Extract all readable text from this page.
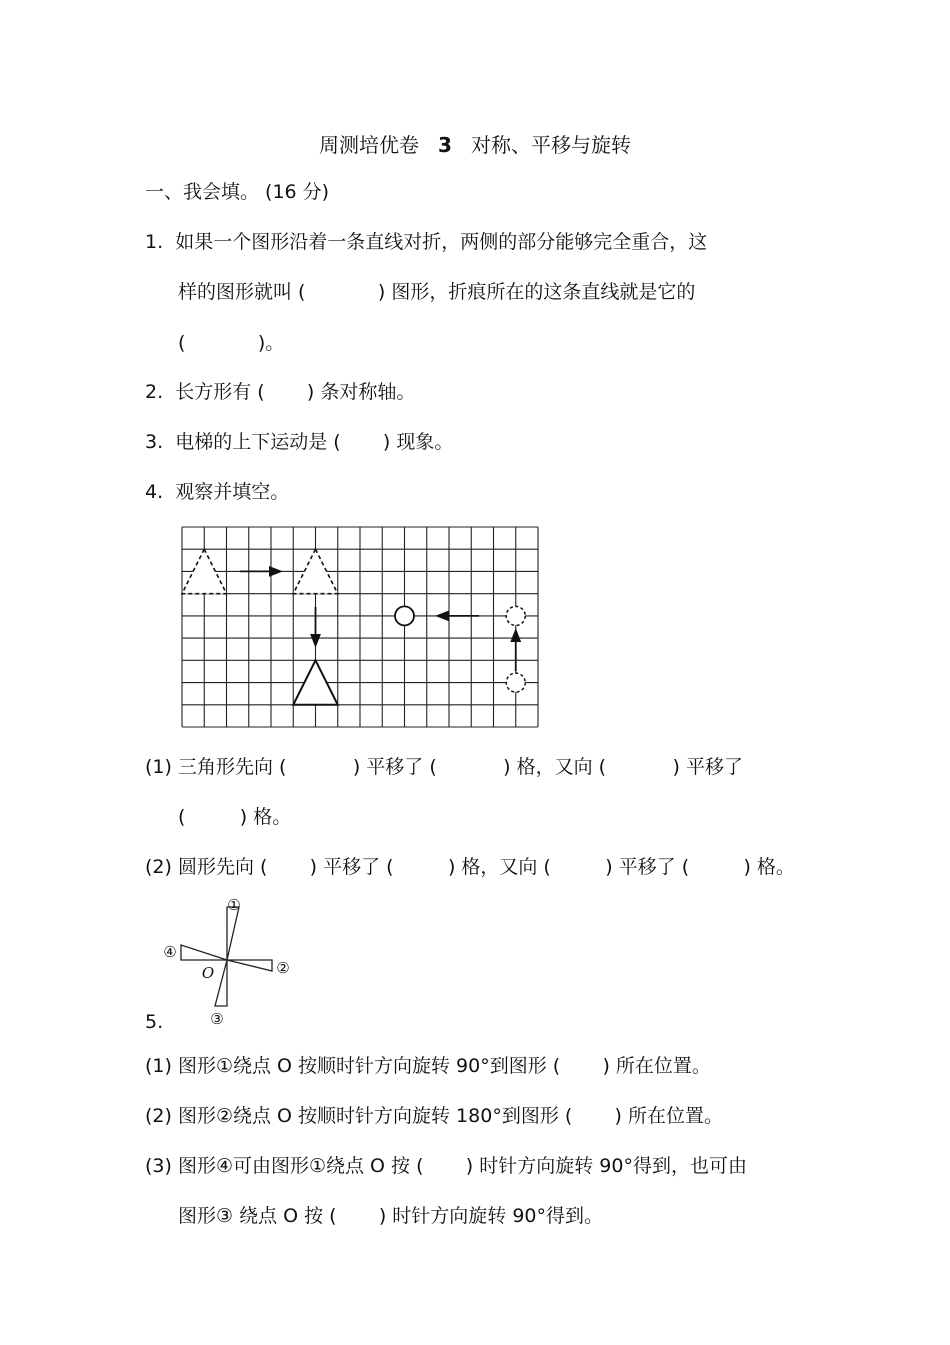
周测培优卷 3 对称、平移与旋转
一、我会填。 (16 分)
1.  如果一个图形沿着一条直线对折，两侧的部分能够完全重合，这
样的图形就叫 (            ) 图形，折痕所在的这条直线就是它的
(            )。
2.  长方形有 (       ) 条对称轴。
3.  电梯的上下运动是 (       ) 现象。
4.  观察并填空。
(1) 三角形先向 (           ) 平移了 (           ) 格，又向 (           ) 平移了
(         ) 格。
(2) 圆形先向 (       ) 平移了 (         ) 格，又向 (         ) 平移了 (         ) 格。
①
②
③
④
O
5.
(1) 图形①绕点 O 按顺时针方向旋转 90°到图形 (       ) 所在位置。
(2) 图形②绕点 O 按顺时针方向旋转 180°到图形 (       ) 所在位置。
(3) 图形④可由图形①绕点 O 按 (       ) 时针方向旋转 90°得到，也可由
图形③ 绕点 O 按 (       ) 时针方向旋转 90°得到。
